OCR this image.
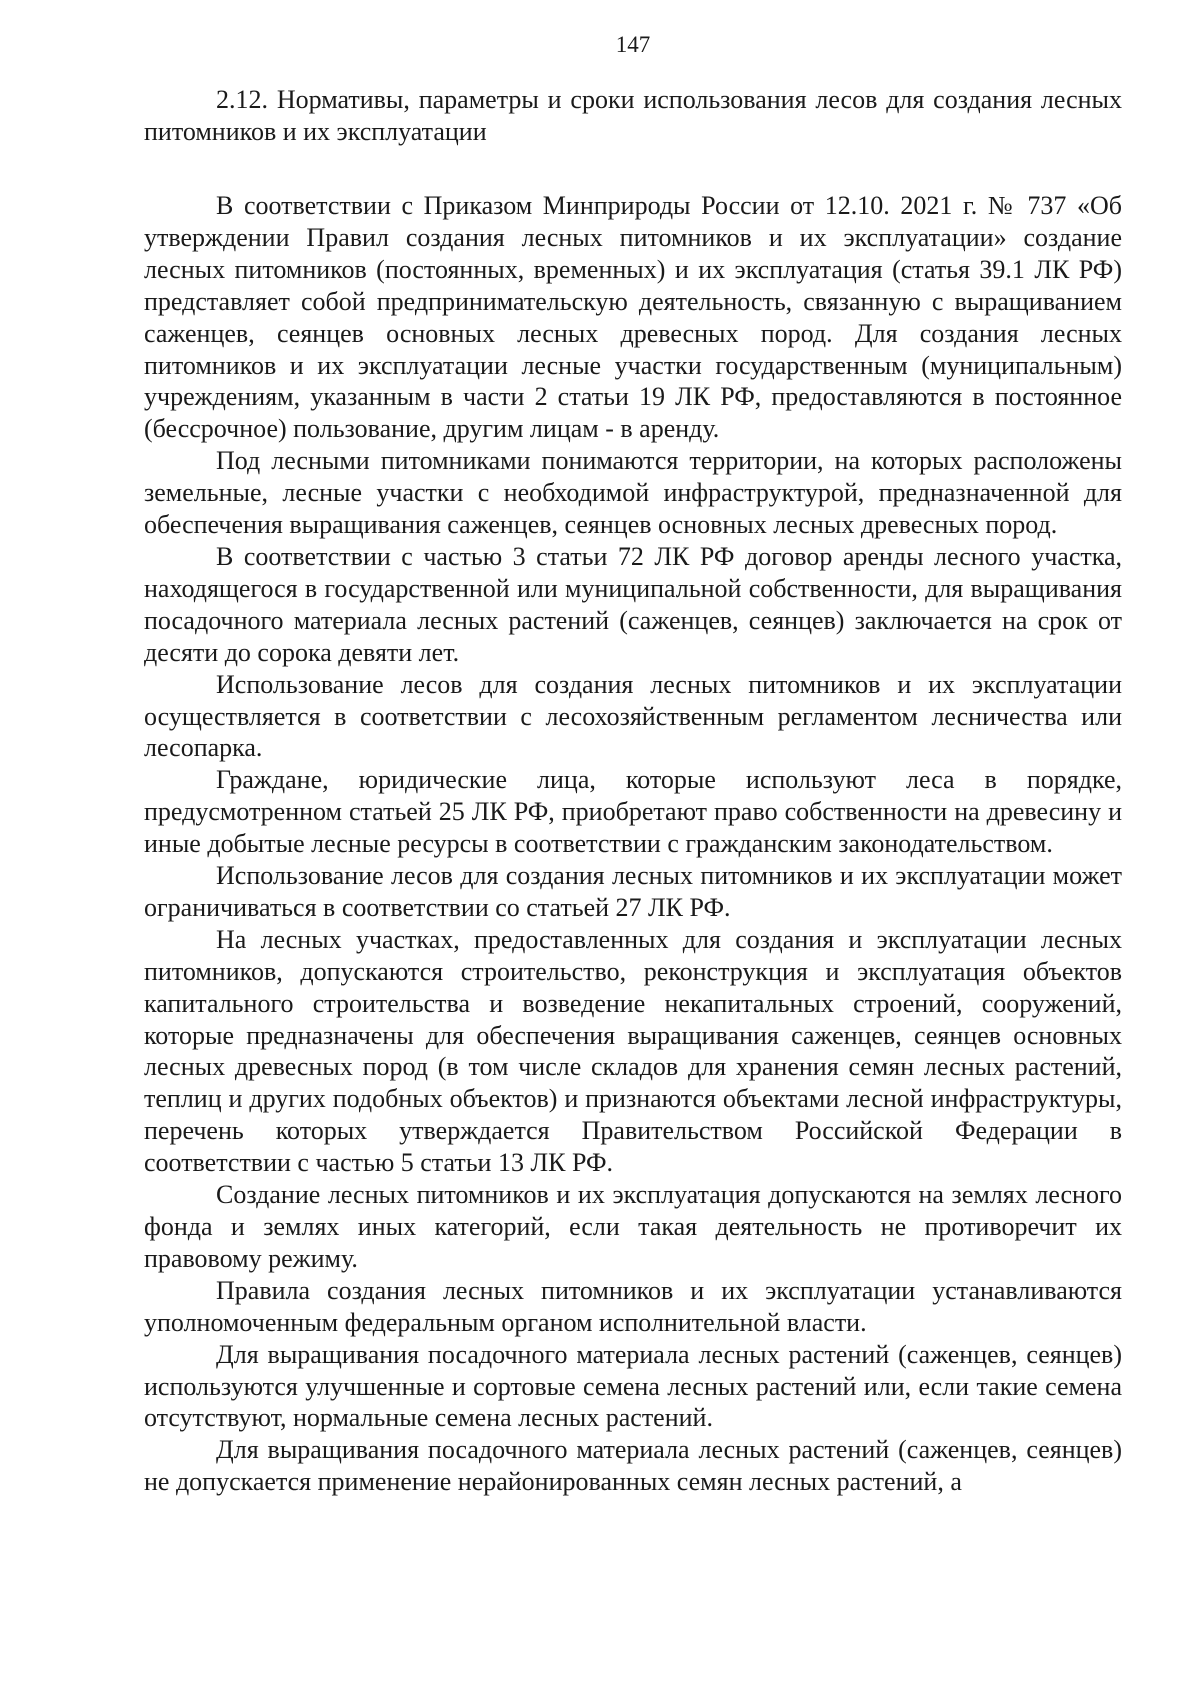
147
2.12. Нормативы, параметры и сроки использования лесов для создания лесных питомников и их эксплуатации

В соответствии с Приказом Минприроды России от 12.10. 2021 г. № 737 «Об утверждении Правил создания лесных питомников и их эксплуатации» создание лесных питомников (постоянных, временных) и их эксплуатация (статья 39.1 ЛК РФ) представляет собой предпринимательскую деятельность, связанную с выращиванием саженцев, сеянцев основных лесных древесных пород. Для создания лесных питомников и их эксплуатации лесные участки государственным (муниципальным) учреждениям, указанным в части 2 статьи 19 ЛК РФ, предоставляются в постоянное (бессрочное) пользование, другим лицам - в аренду.

Под лесными питомниками понимаются территории, на которых расположены земельные, лесные участки с необходимой инфраструктурой, предназначенной для обеспечения выращивания саженцев, сеянцев основных лесных древесных пород.

В соответствии с частью 3 статьи 72 ЛК РФ договор аренды лесного участка, находящегося в государственной или муниципальной собственности, для выращивания посадочного материала лесных растений (саженцев, сеянцев) заключается на срок от десяти до сорока девяти лет.

Использование лесов для создания лесных питомников и их эксплуатации осуществляется в соответствии с лесохозяйственным регламентом лесничества или лесопарка.

Граждане, юридические лица, которые используют леса в порядке, предусмотренном статьей 25 ЛК РФ, приобретают право собственности на древесину и иные добытые лесные ресурсы в соответствии с гражданским законодательством.

Использование лесов для создания лесных питомников и их эксплуатации может ограничиваться в соответствии со статьей 27 ЛК РФ.

На лесных участках, предоставленных для создания и эксплуатации лесных питомников, допускаются строительство, реконструкция и эксплуатация объектов капитального строительства и возведение некапитальных строений, сооружений, которые предназначены для обеспечения выращивания саженцев, сеянцев основных лесных древесных пород (в том числе складов для хранения семян лесных растений, теплиц и других подобных объектов) и признаются объектами лесной инфраструктуры, перечень которых утверждается Правительством Российской Федерации в соответствии с частью 5 статьи 13 ЛК РФ.

Создание лесных питомников и их эксплуатация допускаются на землях лесного фонда и землях иных категорий, если такая деятельность не противоречит их правовому режиму.

Правила создания лесных питомников и их эксплуатации устанавливаются уполномоченным федеральным органом исполнительной власти.

Для выращивания посадочного материала лесных растений (саженцев, сеянцев) используются улучшенные и сортовые семена лесных растений или, если такие семена отсутствуют, нормальные семена лесных растений.

Для выращивания посадочного материала лесных растений (саженцев, сеянцев) не допускается применение нерайонированных семян лесных растений, а
